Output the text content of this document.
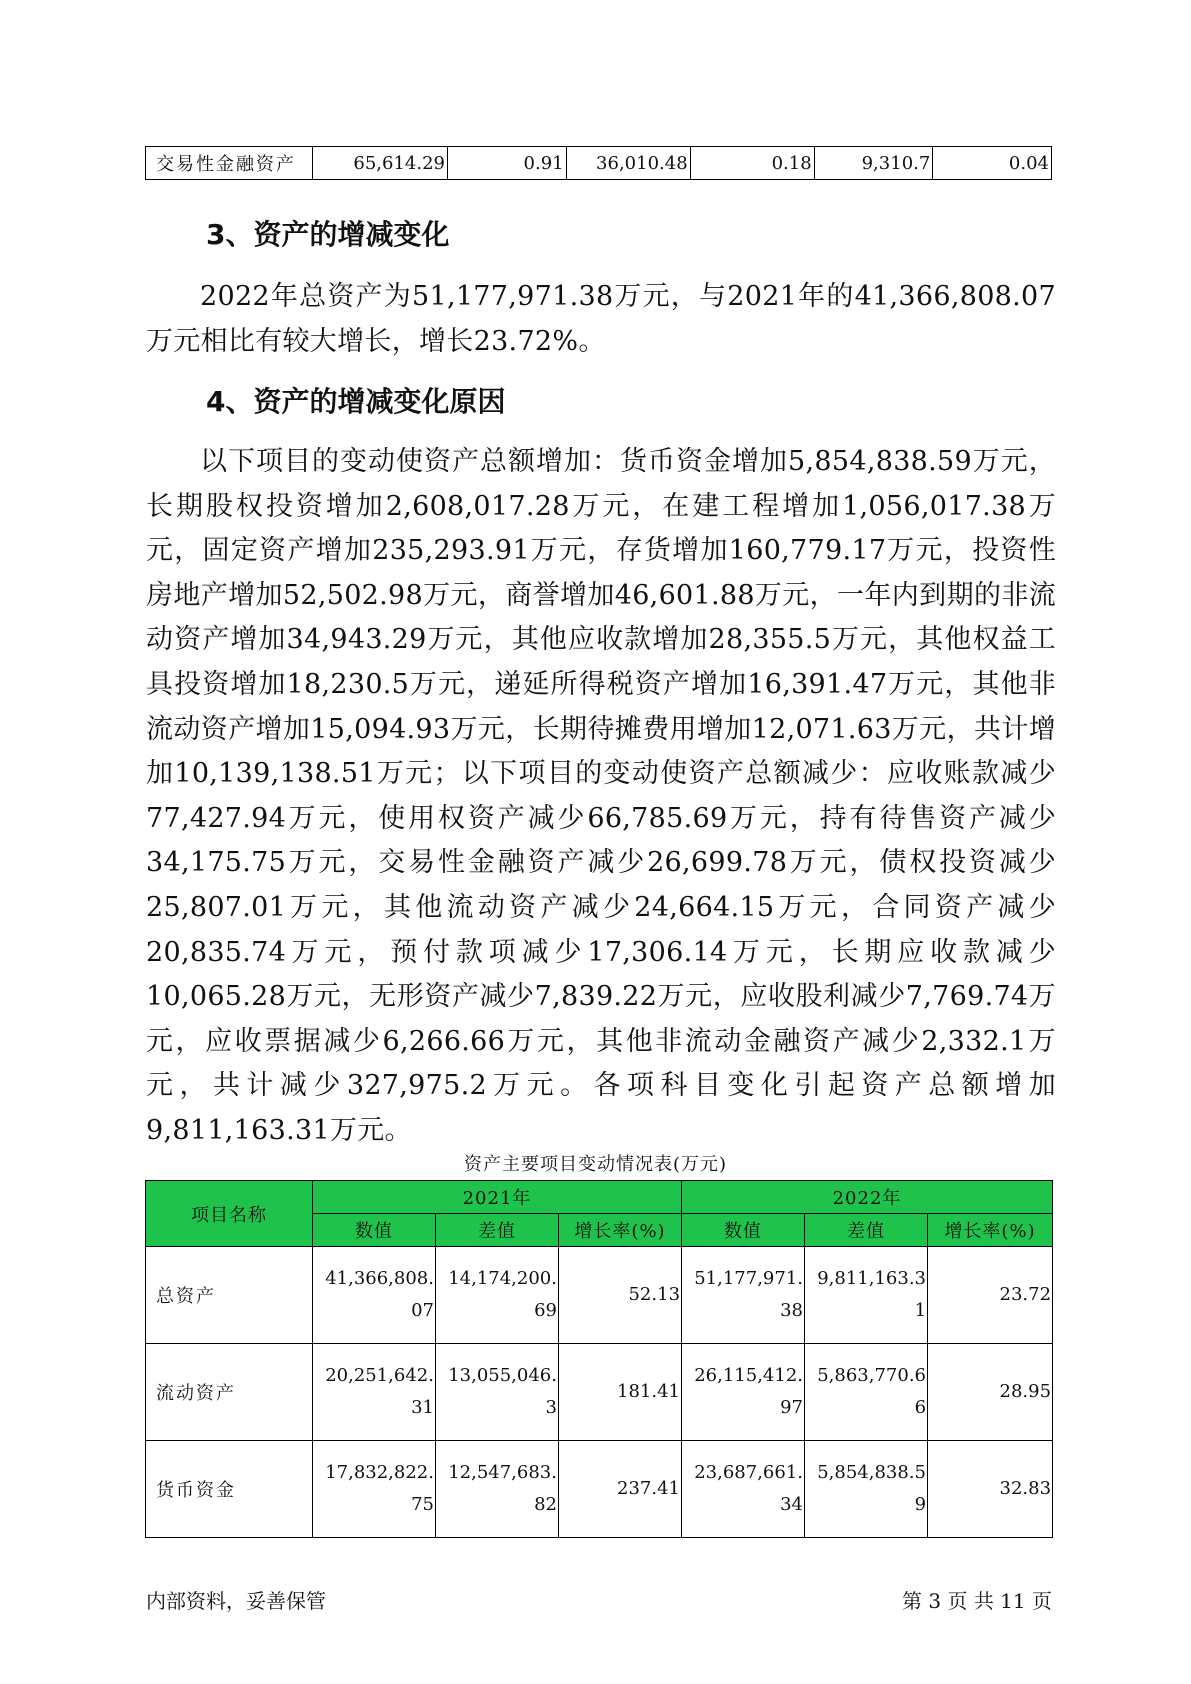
交易性金融资产	65,614.29	0.91	36,010.48	0.18	9,310.7	0.04
3、资产的增减变化

2022年总资产为51,177,971.38万元，与2021年的41,366,808.07万元相比有较大增长，增长23.72%。

4、资产的增减变化原因

以下项目的变动使资产总额增加：货币资金增加5,854,838.59万元，长期股权投资增加2,608,017.28万元，在建工程增加1,056,017.38万元，固定资产增加235,293.91万元，存货增加160,779.17万元，投资性房地产增加52,502.98万元，商誉增加46,601.88万元，一年内到期的非流动资产增加34,943.29万元，其他应收款增加28,355.5万元，其他权益工具投资增加18,230.5万元，递延所得税资产增加16,391.47万元，其他非流动资产增加15,094.93万元，长期待摊费用增加12,071.63万元，共计增加10,139,138.51万元；以下项目的变动使资产总额减少：应收账款减少77,427.94万元，使用权资产减少66,785.69万元，持有待售资产减少34,175.75万元，交易性金融资产减少26,699.78万元，债权投资减少25,807.01万元，其他流动资产减少24,664.15万元，合同资产减少20,835.74万元，预付款项减少17,306.14万元，长期应收款减少10,065.28万元，无形资产减少7,839.22万元，应收股利减少7,769.74万元，应收票据减少6,266.66万元，其他非流动金融资产减少2,332.1万元，共计减少327,975.2万元。各项科目变化引起资产总额增加9,811,163.31万元。

资产主要项目变动情况表(万元)
项目名称	2021年			2022年		
	数值	差值	增长率(%)	数值	差值	增长率(%)
总资产	41,366,808.07	14,174,200.69	52.13	51,177,971.38	9,811,163.31	23.72
流动资产	20,251,642.31	13,055,046.3	181.41	26,115,412.97	5,863,770.66	28.95
货币资金	17,832,822.75	12,547,683.82	237.41	23,687,661.34	5,854,838.59	32.83
内部资料，妥善保管	第 3 页 共 11 页
